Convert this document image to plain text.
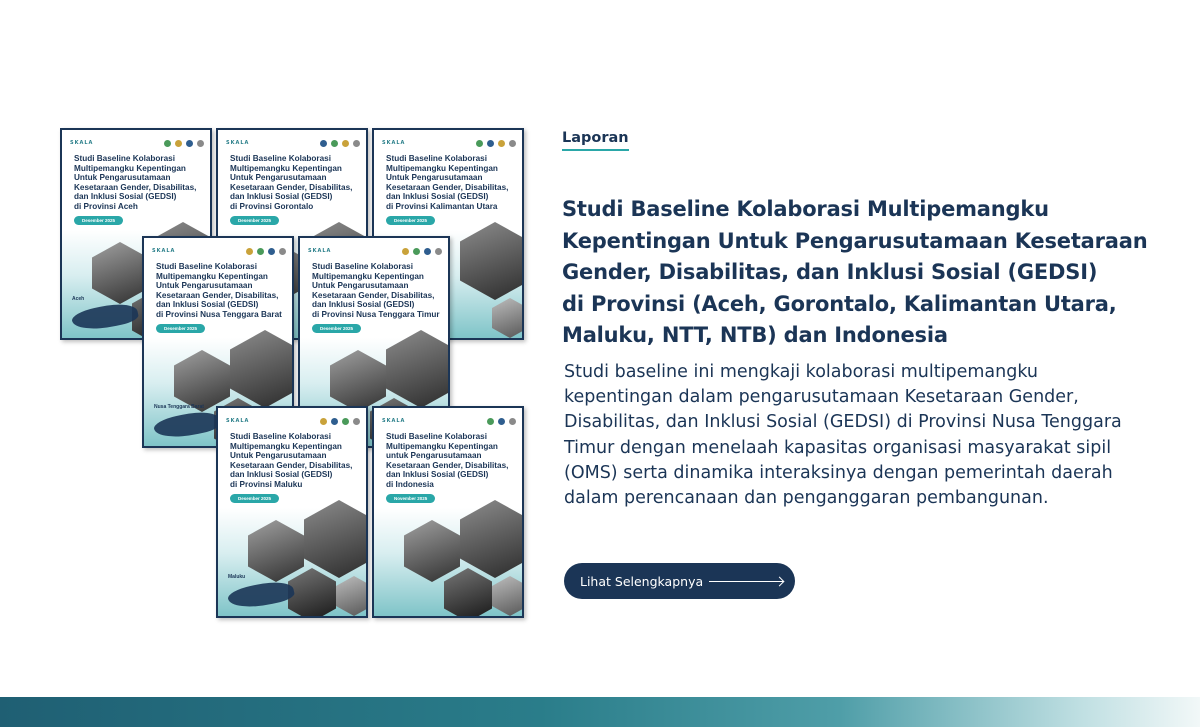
SKALA
Studi Baseline Kolaborasi
Multipemangku Kepentingan
Untuk Pengarusutamaan
Kesetaraan Gender, Disabilitas,
dan Inklusi Sosial (GEDSI)
di Provinsi Aceh
Desember 2025
Aceh
SKALA
Studi Baseline Kolaborasi
Multipemangku Kepentingan
Untuk Pengarusutamaan
Kesetaraan Gender, Disabilitas,
dan Inklusi Sosial (GEDSI)
di Provinsi Gorontalo
Desember 2025
SKALA
Studi Baseline Kolaborasi
Multipemangku Kepentingan
Untuk Pengarusutamaan
Kesetaraan Gender, Disabilitas,
dan Inklusi Sosial (GEDSI)
di Provinsi Kalimantan Utara
Desember 2025
SKALA
Studi Baseline Kolaborasi
Multipemangku Kepentingan
Untuk Pengarusutamaan
Kesetaraan Gender, Disabilitas,
dan Inklusi Sosial (GEDSI)
di Provinsi Nusa Tenggara Barat
Desember 2025
Nusa Tenggara Barat
SKALA
Studi Baseline Kolaborasi
Multipemangku Kepentingan
Untuk Pengarusutamaan
Kesetaraan Gender, Disabilitas,
dan Inklusi Sosial (GEDSI)
di Provinsi Nusa Tenggara Timur
Desember 2025
SKALA
Studi Baseline Kolaborasi
Multipemangku Kepentingan
Untuk Pengarusutamaan
Kesetaraan Gender, Disabilitas,
dan Inklusi Sosial (GEDSI)
di Provinsi Maluku
Desember 2025
Maluku
SKALA
Studi Baseline Kolaborasi
Multipemangku Kepentingan
untuk Pengarusutamaan
Kesetaraan Gender, Disabilitas,
dan Inklusi Sosial (GEDSI)
di Indonesia
November 2025
Laporan
Studi Baseline Kolaborasi Multipemangku
Kepentingan Untuk Pengarusutamaan Kesetaraan
Gender, Disabilitas, dan Inklusi Sosial (GEDSI)
di Provinsi (Aceh, Gorontalo, Kalimantan Utara,
Maluku, NTT, NTB) dan Indonesia

Studi baseline ini mengkaji kolaborasi multipemangku kepentingan dalam pengarusutamaan Kesetaraan Gender, Disabilitas, dan Inklusi Sosial (GEDSI) di Provinsi Nusa Tenggara Timur dengan menelaah kapasitas organisasi masyarakat sipil (OMS) serta dinamika interaksinya dengan pemerintah daerah dalam perencanaan dan penganggaran pembangunan.

Lihat Selengkapnya
